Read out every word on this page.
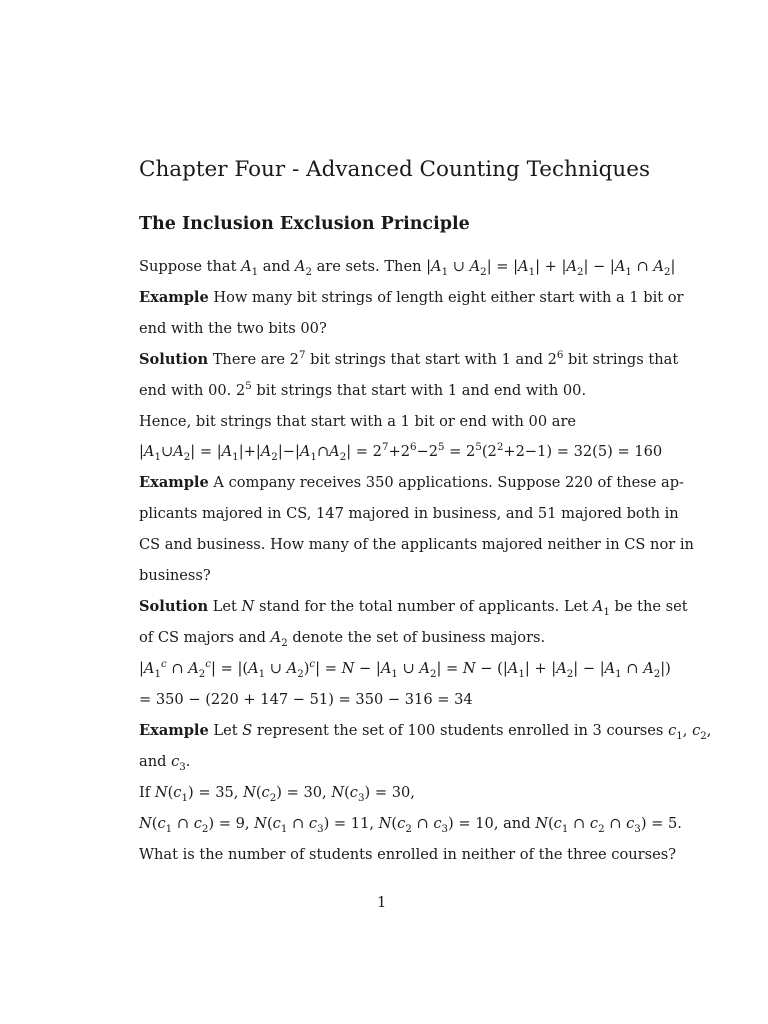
Chapter Four - Advanced Counting Techniques
The Inclusion Exclusion Principle
Suppose that $A_1$ and $A_2$ are sets. Then $|A_1$ ∪ $A_2| = |A_1| + |A_2| - |A_1$ ∩ $A_2|$
Example How many bit strings of length eight either start with a 1 bit or
end with the two bits 00?
Solution There are $2^7$ bit strings that start with 1 and $2^6$ bit strings that
end with 00. $2^5$ bit strings that start with 1 and end with 00.
Hence, bit strings that start with a 1 bit or end with 00 are
$|A_1\cup A_2|$ = $|A_1|+|A_2|-|A_1\cap A_2| = 2^7+2^6-2^5 = 2^5(2^2+2-1) = 32(5) = 160$
Example A company receives 350 applications. Suppose 220 of these ap-
plicants majored in CS, 147 majored in business, and 51 majored both in
CS and business. How many of the applicants majored neither in CS nor in
business?
Solution Let N stand for the total number of applicants. Let $A_1$ be the set
of CS majors and $A_2$ denote the set of business majors.
$|A_1^c$ ∩ $A_2^c| = |(A_1$ ∪ $A_2)^c| = N - |A_1$ ∪ $A_2| = N - (|A_1| + |A_2| - |A_1$ ∩ $A_2|$)
= 350 − (220 + 147 − 51) = 350 − 316 = 34
Example Let S represent the set of 100 students enrolled in 3 courses $c_1$, $c_2$,
and $c_3$.
If $N(c_1) = 35$, $N(c_2) = 30$, $N(c_3) = 30$,
$N(c_1$ ∩ $c_2) = 9$, $N(c_1$ ∩ $c_3) = 11$, $N(c_2$ ∩ $c_3) = 10$, and $N(c_1$ ∩ $c_2$ ∩ $c_3) = 5$.
What is the number of students enrolled in neither of the three courses?
1
